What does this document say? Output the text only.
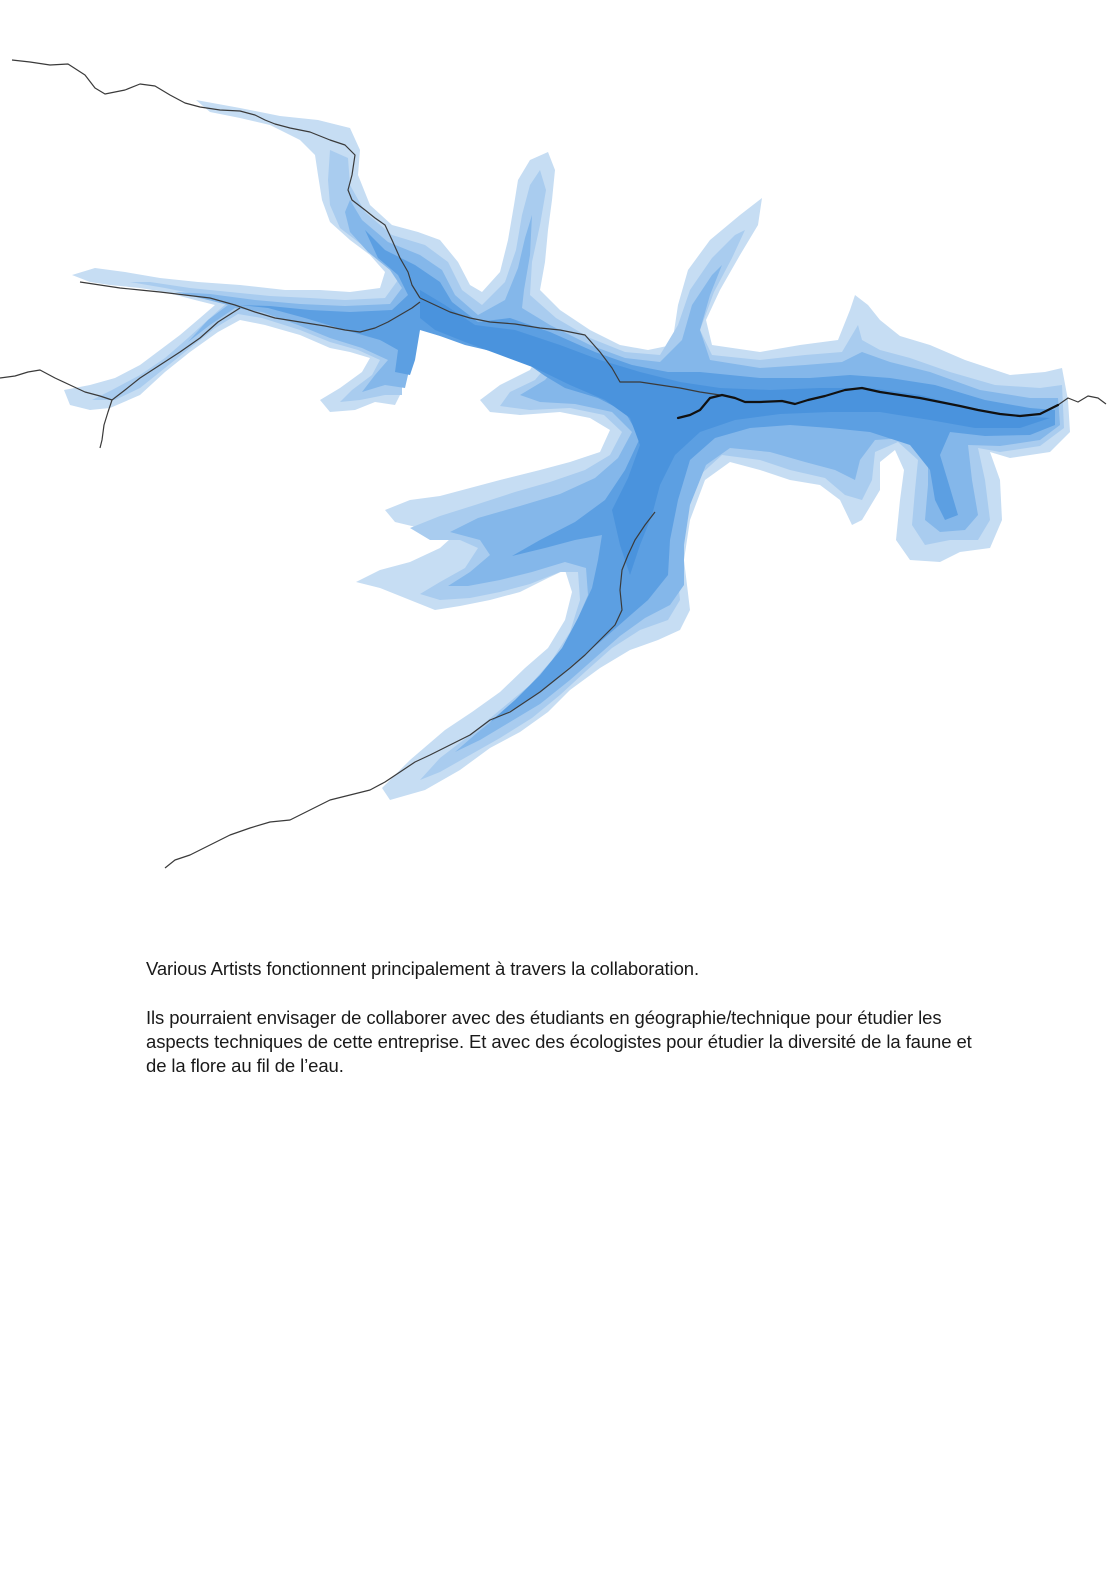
Various Artists fonctionnent principalement à travers la collaboration.

Ils pourraient envisager de collaborer avec des étudiants en géographie/technique pour étudier les aspects techniques de cette entreprise. Et avec des écologistes pour étudier la diversité de la faune et de la flore au fil de l’eau.
